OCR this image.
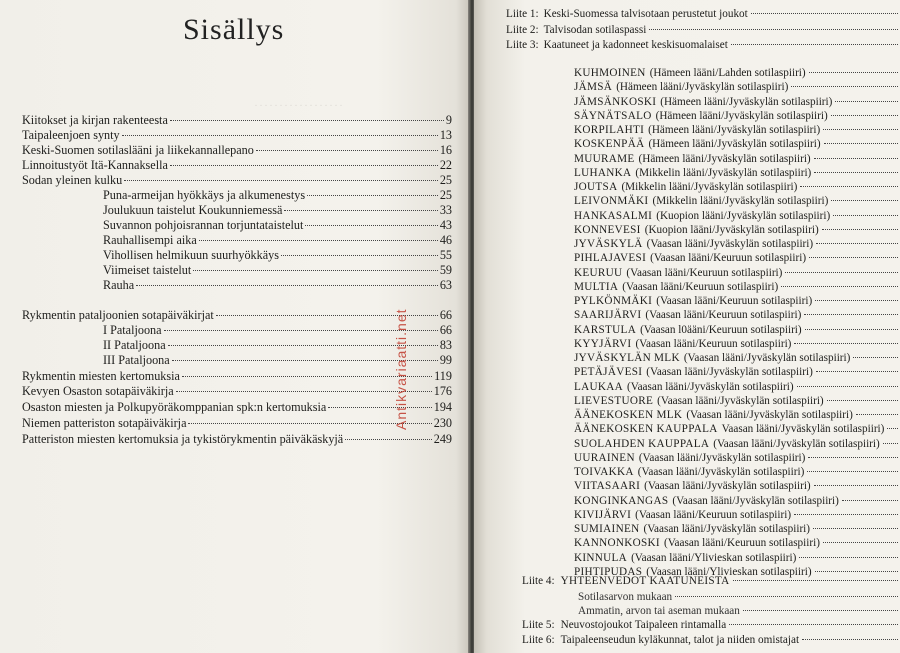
Sisällys
Kiitokset ja kirjan rakenteesta	9
Taipaleenjoen synty	13
Keski-Suomen sotilaslääni ja liikekannallepano	16
Linnoitustyöt Itä-Kannaksella	22
Sodan yleinen kulku	25
Puna-armeijan hyökkäys ja alkumenestys	25
Joulukuun taistelut Koukunniemessä	33
Suvannon pohjoisrannan torjuntataistelut	43
Rauhallisempi aika	46
Vihollisen helmikuun suurhyökkäys	55
Viimeiset taistelut	59
Rauha	63
Rykmentin pataljoonien sotapäiväkirjat	66
I Pataljoona	66
II Pataljoona	83
III Pataljoona	99
Rykmentin miesten kertomuksia	119
Kevyen Osaston sotapäiväkirja	176
Osaston miesten ja Polkupyöräkomppanian spk:n kertomuksia	194
Niemen patteriston sotapäiväkirja	230
Patteriston miesten kertomuksia ja tykistörykmentin päiväkäskyjä	249
Antikvariaatti.net
. . . . . . . . . . . . . . . . . .
Liite 1: Keski-Suomessa talvisotaan perustetut joukot
Liite 2: Talvisodan sotilaspassi
Liite 3: Kaatuneet ja kadonneet keskisuomalaiset
KUHMOINEN (Hämeen lääni/Lahden sotilaspiiri)
JÄMSÄ (Hämeen lääni/Jyväskylän sotilaspiiri)
JÄMSÄNKOSKI (Hämeen lääni/Jyväskylän sotilaspiiri)
SÄYNÄTSALO (Hämeen lääni/Jyväskylän sotilaspiiri)
KORPILAHTI (Hämeen lääni/Jyväskylän sotilaspiiri)
KOSKENPÄÄ (Hämeen lääni/Jyväskylän sotilaspiiri)
MUURAME (Hämeen lääni/Jyväskylän sotilaspiiri)
LUHANKA (Mikkelin lääni/Jyväskylän sotilaspiiri)
JOUTSA (Mikkelin lääni/Jyväskylän sotilaspiiri)
LEIVONMÄKI (Mikkelin lääni/Jyväskylän sotilaspiiri)
HANKASALMI (Kuopion lääni/Jyväskylän sotilaspiiri)
KONNEVESI (Kuopion lääni/Jyväskylän sotilaspiiri)
JYVÄSKYLÄ (Vaasan lääni/Jyväskylän sotilaspiiri)
PIHLAJAVESI (Vaasan lääni/Keuruun sotilaspiiri)
KEURUU (Vaasan lääni/Keuruun sotilaspiiri)
MULTIA (Vaasan lääni/Keuruun sotilaspiiri)
PYLKÖNMÄKI (Vaasan lääni/Keuruun sotilaspiiri)
SAARIJÄRVI (Vaasan lääni/Keuruun sotilaspiiri)
KARSTULA (Vaasan l0ääni/Keuruun sotilaspiiri)
KYYJÄRVI (Vaasan lääni/Keuruun sotilaspiiri)
JYVÄSKYLÄN MLK (Vaasan lääni/Jyväskylän sotilaspiiri)
PETÄJÄVESI (Vaasan lääni/Jyväskylän sotilaspiiri)
LAUKAA (Vaasan lääni/Jyväskylän sotilaspiiri)
LIEVESTUORE (Vaasan lääni/Jyväskylän sotilaspiiri)
ÄÄNEKOSKEN MLK (Vaasan lääni/Jyväskylän sotilaspiiri)
ÄÄNEKOSKEN KAUPPALA Vaasan lääni/Jyväskylän sotilaspiiri)
SUOLAHDEN KAUPPALA (Vaasan lääni/Jyväskylän sotilaspiiri)
UURAINEN (Vaasan lääni/Jyväskylän sotilaspiiri)
TOIVAKKA (Vaasan lääni/Jyväskylän sotilaspiiri)
VIITASAARI (Vaasan lääni/Jyväskylän sotilaspiiri)
KONGINKANGAS (Vaasan lääni/Jyväskylän sotilaspiiri)
KIVIJÄRVI (Vaasan lääni/Keuruun sotilaspiiri)
SUMIAINEN (Vaasan lääni/Jyväskylän sotilaspiiri)
KANNONKOSKI (Vaasan lääni/Keuruun sotilaspiiri)
KINNULA (Vaasan lääni/Ylivieskan sotilaspiiri)
PIHTIPUDAS (Vaasan lääni/Ylivieskan sotilaspiiri)
Liite 4: YHTEENVEDOT KAATUNEISTA
Sotilasarvon mukaan
Ammatin, arvon tai aseman mukaan
Liite 5: Neuvostojoukot Taipaleen rintamalla
Liite 6: Taipaleenseudun kyläkunnat, talot ja niiden omistajat
